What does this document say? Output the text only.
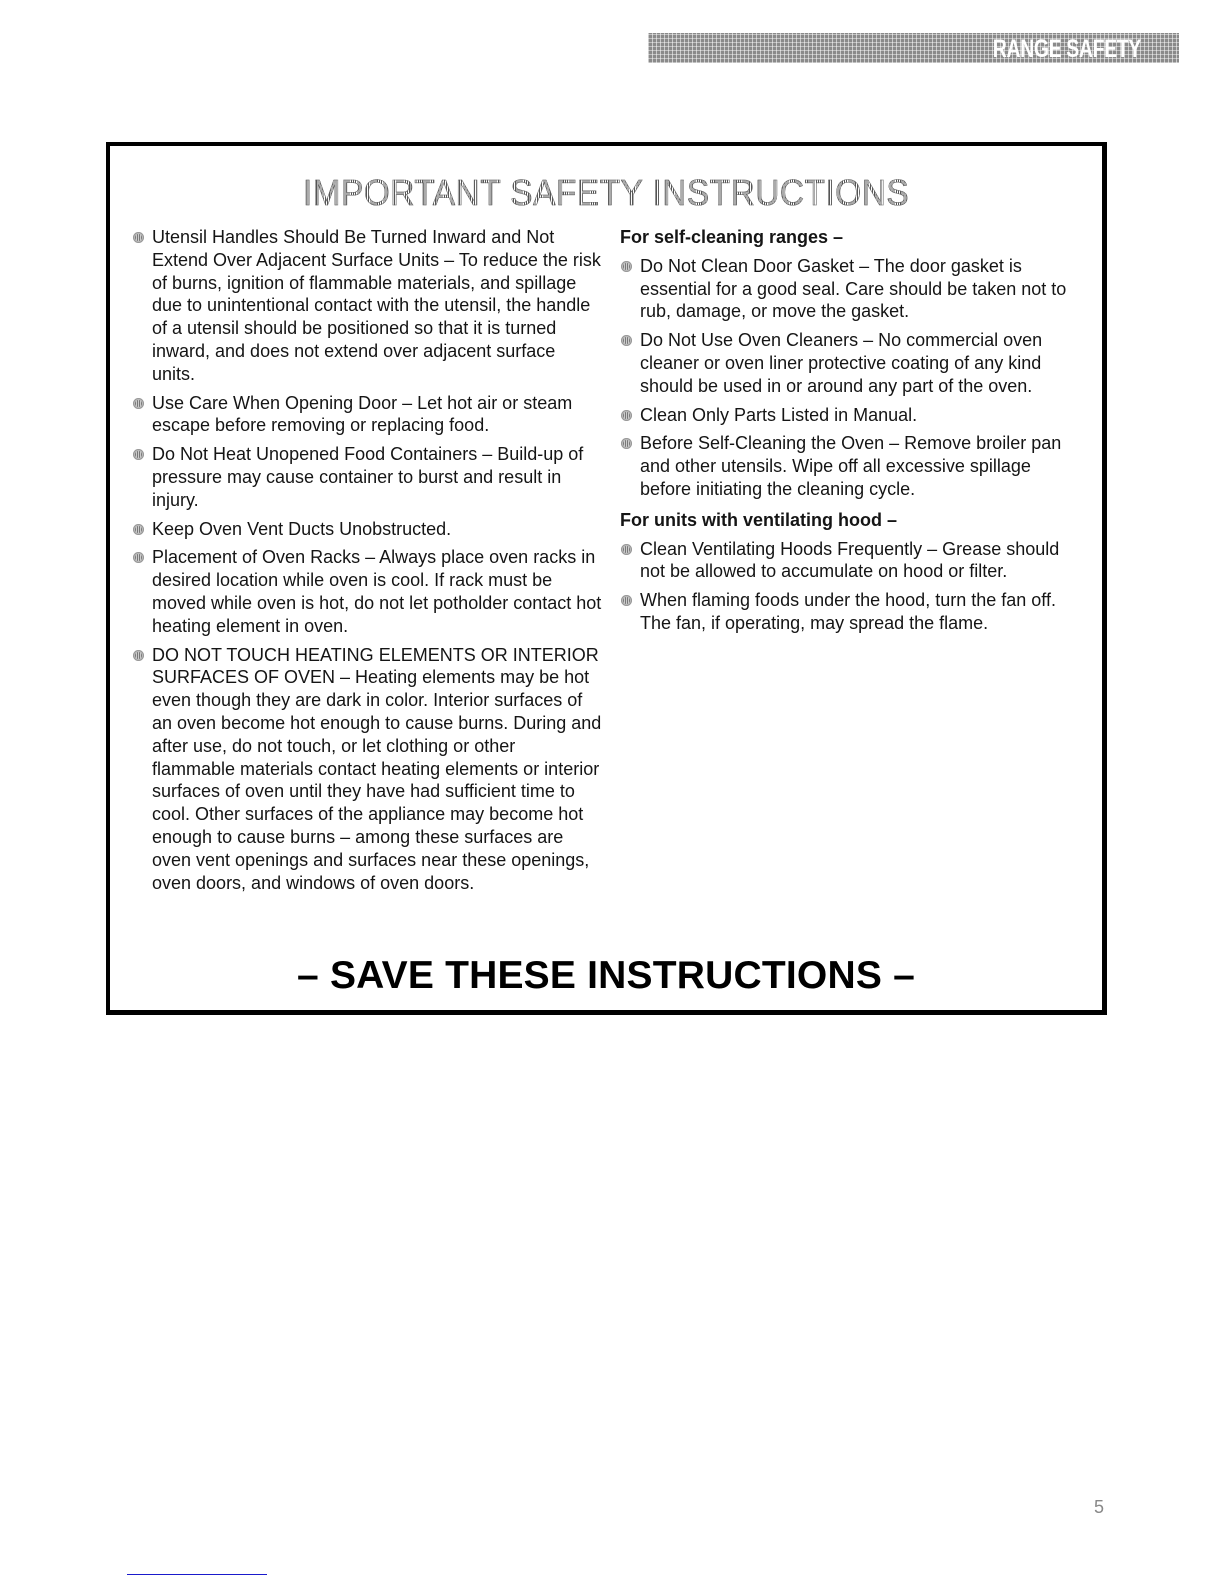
RANGE SAFETY
IMPORTANT SAFETY INSTRUCTIONS
Utensil Handles Should Be Turned Inward and Not Extend Over Adjacent Surface Units – To reduce the risk of burns, ignition of flammable materials, and spillage due to unintentional contact with the utensil, the handle of a utensil should be positioned so that it is turned inward, and does not extend over adjacent surface units.
Use Care When Opening Door – Let hot air or steam escape before removing or replacing food.
Do Not Heat Unopened Food Containers – Build-up of pressure may cause container to burst and result in injury.
Keep Oven Vent Ducts Unobstructed.
Placement of Oven Racks – Always place oven racks in desired location while oven is cool. If rack must be moved while oven is hot, do not let potholder contact hot heating element in oven.
DO NOT TOUCH HEATING ELEMENTS OR INTERIOR SURFACES OF OVEN – Heating elements may be hot even though they are dark in color. Interior surfaces of an oven become hot enough to cause burns. During and after use, do not touch, or let clothing or other flammable materials contact heating elements or interior surfaces of oven until they have had sufficient time to cool. Other surfaces of the appliance may become hot enough to cause burns – among these surfaces are oven vent openings and surfaces near these openings, oven doors, and windows of oven doors.
For self-cleaning ranges –
Do Not Clean Door Gasket – The door gasket is essential for a good seal. Care should be taken not to rub, damage, or move the gasket.
Do Not Use Oven Cleaners – No commercial oven cleaner or oven liner protective coating of any kind should be used in or around any part of the oven.
Clean Only Parts Listed in Manual.
Before Self-Cleaning the Oven – Remove broiler pan and other utensils. Wipe off all excessive spillage before initiating the cleaning cycle.
For units with ventilating hood –
Clean Ventilating Hoods Frequently – Grease should not be allowed to accumulate on hood or filter.
When flaming foods under the hood, turn the fan off. The fan, if operating, may spread the flame.
– SAVE THESE INSTRUCTIONS –
5
